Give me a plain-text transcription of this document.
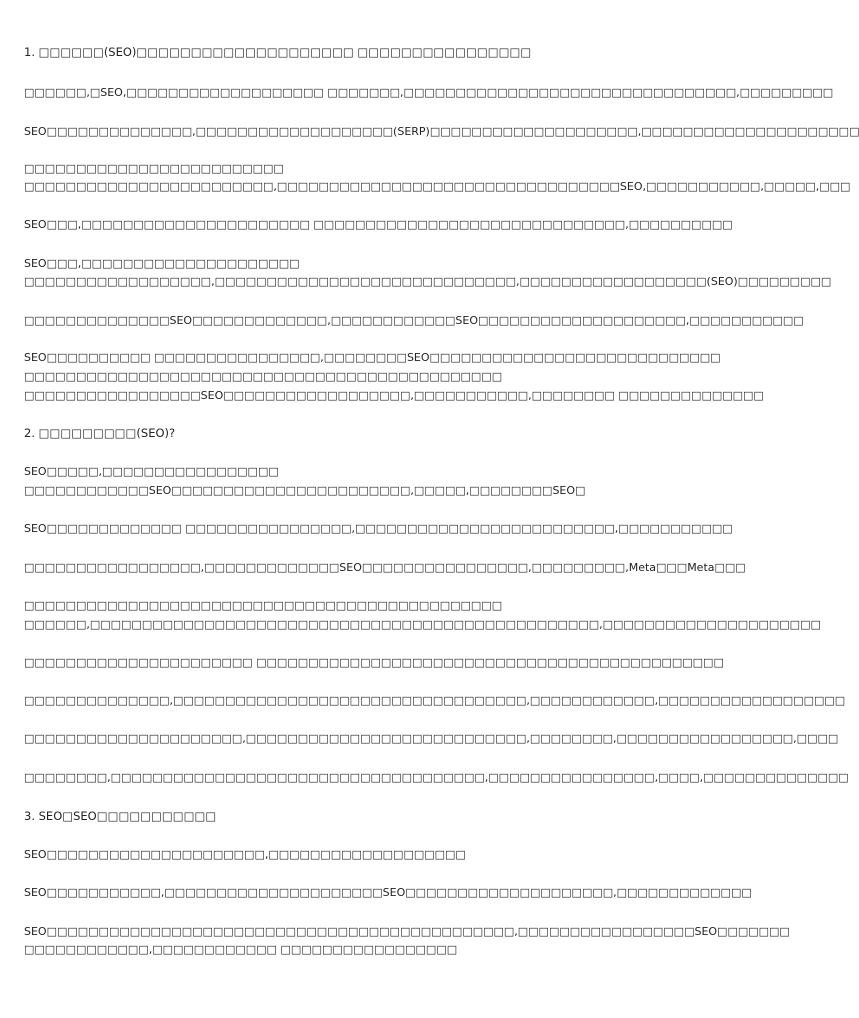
1. □□□□□□(SEO)□□□□□□□□□□□□□□□□□□□□ □□□□□□□□□□□□□□□□
□□□□□□,□SEO,□□□□□□□□□□□□□□□□□□□ □□□□□□□,□□□□□□□□□□□□□□□□□□□□□□□□□□□□□□□□,□□□□□□□□□
SEO□□□□□□□□□□□□□□,□□□□□□□□□□□□□□□□□□□(SERP)□□□□□□□□□□□□□□□□□□□□,□□□□□□□□□□□□□□□□□□□□□
□□□□□□□□□□□□□□□□□□□□□□□□□
□□□□□□□□□□□□□□□□□□□□□□□□,□□□□□□□□□□□□□□□□□□□□□□□□□□□□□□□□□SEO,□□□□□□□□□□□,□□□□□,□□□
SEO□□□,□□□□□□□□□□□□□□□□□□□□□□ □□□□□□□□□□□□□□□□□□□□□□□□□□□□□□,□□□□□□□□□□
SEO□□□,□□□□□□□□□□□□□□□□□□□□□
□□□□□□□□□□□□□□□□□□,□□□□□□□□□□□□□□□□□□□□□□□□□□□□□,□□□□□□□□□□□□□□□□□□(SEO)□□□□□□□□□
□□□□□□□□□□□□□□SEO□□□□□□□□□□□□□,□□□□□□□□□□□□SEO□□□□□□□□□□□□□□□□□□□□,□□□□□□□□□□□
SEO□□□□□□□□□□ □□□□□□□□□□□□□□□□,□□□□□□□□SEO□□□□□□□□□□□□□□□□□□□□□□□□□□□□
□□□□□□□□□□□□□□□□□□□□□□□□□□□□□□□□□□□□□□□□□□□□□□
□□□□□□□□□□□□□□□□□SEO□□□□□□□□□□□□□□□□□□,□□□□□□□□□□□,□□□□□□□□ □□□□□□□□□□□□□□
2. □□□□□□□□□(SEO)?
SEO□□□□□,□□□□□□□□□□□□□□□□□
□□□□□□□□□□□□SEO□□□□□□□□□□□□□□□□□□□□□□□,□□□□□,□□□□□□□□SEO□
SEO□□□□□□□□□□□□□ □□□□□□□□□□□□□□□□,□□□□□□□□□□□□□□□□□□□□□□□□□,□□□□□□□□□□□
□□□□□□□□□□□□□□□□□,□□□□□□□□□□□□□SEO□□□□□□□□□□□□□□□□,□□□□□□□□□,Meta□□□Meta□□□
□□□□□□□□□□□□□□□□□□□□□□□□□□□□□□□□□□□□□□□□□□□□□□
□□□□□□,□□□□□□□□□□□□□□□□□□□□□□□□□□□□□□□□□□□□□□□□□□□□□□□□□,□□□□□□□□□□□□□□□□□□□□□
□□□□□□□□□□□□□□□□□□□□□□ □□□□□□□□□□□□□□□□□□□□□□□□□□□□□□□□□□□□□□□□□□□□□
□□□□□□□□□□□□□□,□□□□□□□□□□□□□□□□□□□□□□□□□□□□□□□□□□,□□□□□□□□□□□□,□□□□□□□□□□□□□□□□□□
□□□□□□□□□□□□□□□□□□□□□,□□□□□□□□□□□□□□□□□□□□□□□□□□□,□□□□□□□□,□□□□□□□□□□□□□□□□□,□□□□
□□□□□□□□,□□□□□□□□□□□□□□□□□□□□□□□□□□□□□□□□□□□□,□□□□□□□□□□□□□□□□,□□□□,□□□□□□□□□□□□□□
3. SEO□SEO□□□□□□□□□□□
SEO□□□□□□□□□□□□□□□□□□□□□,□□□□□□□□□□□□□□□□□□□
SEO□□□□□□□□□□□,□□□□□□□□□□□□□□□□□□□□□SEO□□□□□□□□□□□□□□□□□□□□,□□□□□□□□□□□□□
SEO□□□□□□□□□□□□□□□□□□□□□□□□□□□□□□□□□□□□□□□□□□□□□,□□□□□□□□□□□□□□□□□SEO□□□□□□□
□□□□□□□□□□□□,□□□□□□□□□□□□ □□□□□□□□□□□□□□□□□
